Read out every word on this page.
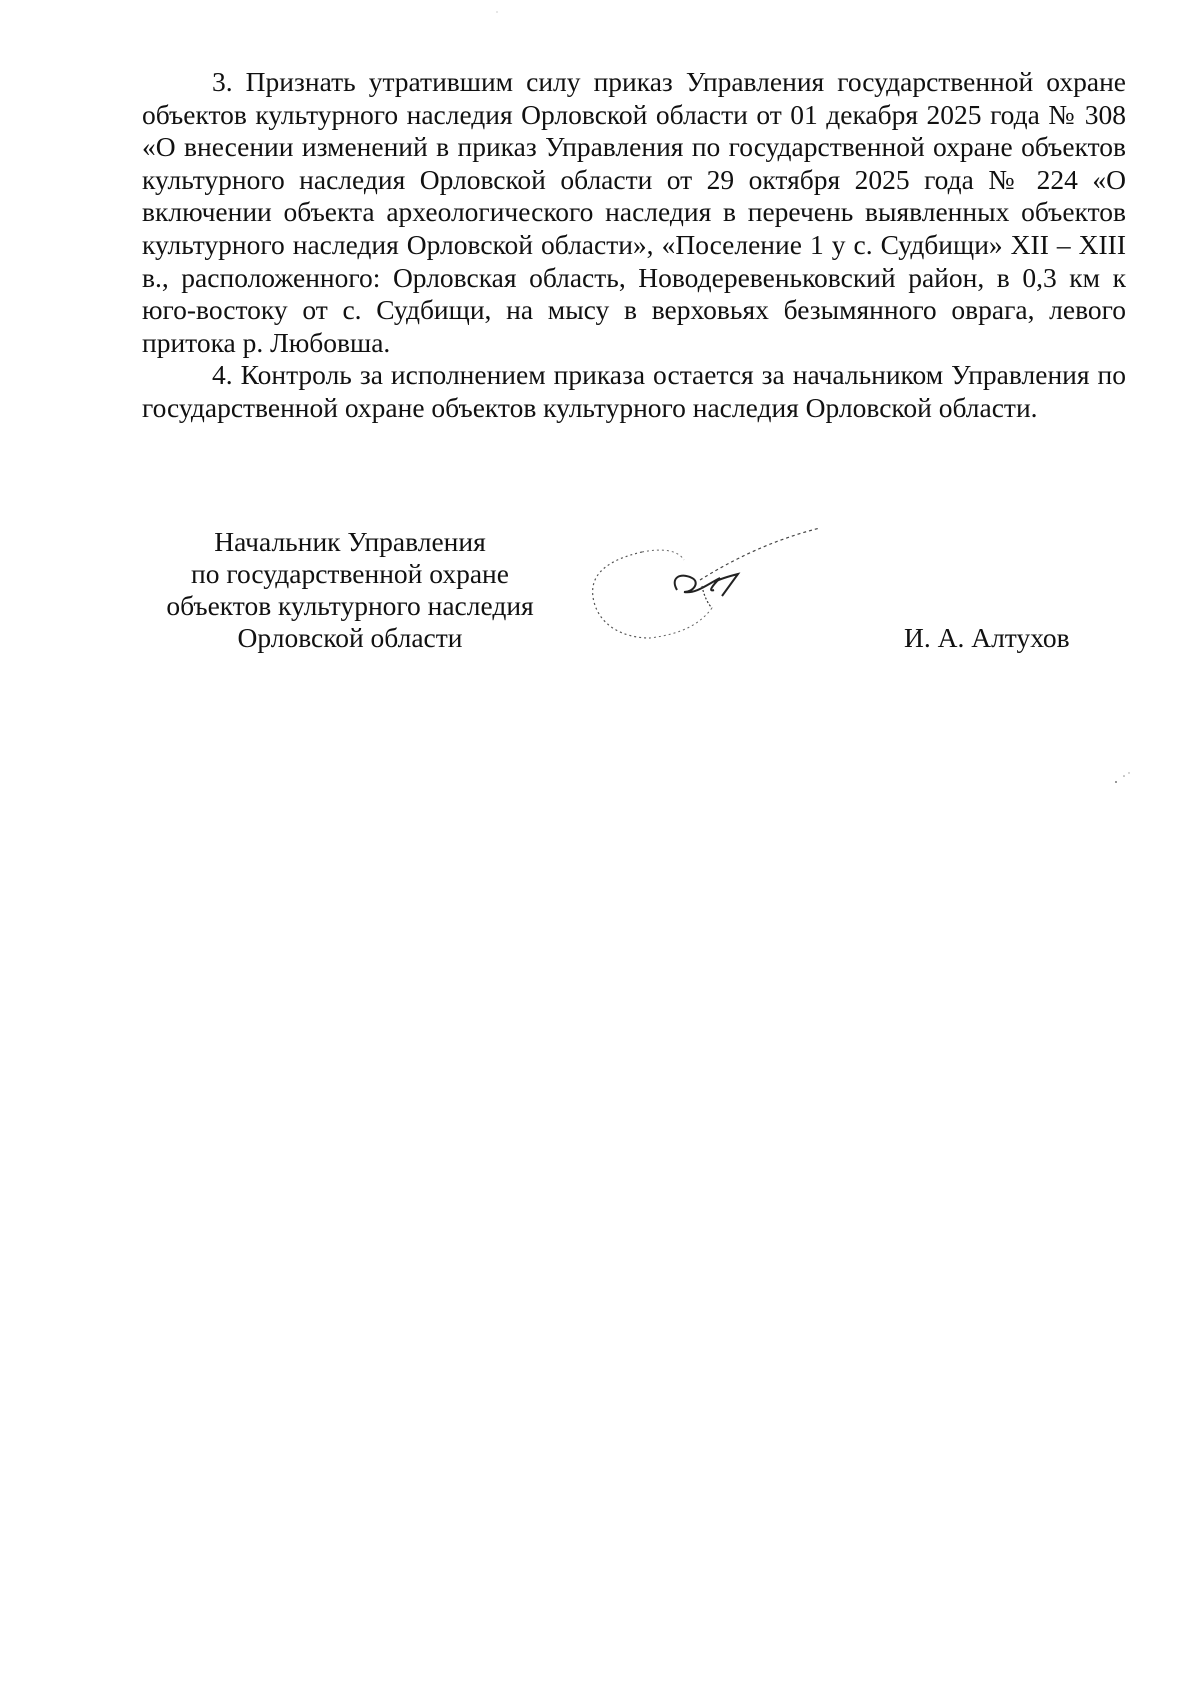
3. Признать утратившим силу приказ Управления государственной охране объектов культурного наследия Орловской области от 01 декабря 2025 года № 308 «О внесении изменений в приказ Управления по государственной охране объектов культурного наследия Орловской области от 29 октября 2025 года № 224 «О включении объекта археологического наследия в перечень выявленных объектов культурного наследия Орловской области», «Поселение 1 у с. Судбищи» XII – XIII в., расположенного: Орловская область, Новодеревеньковский район, в 0,3 км к юго-востоку от с. Судбищи, на мысу в верховьях безымянного оврага, левого притока р. Любовша.

4. Контроль за исполнением приказа остается за начальником Управления по государственной охране объектов культурного наследия Орловской области.

Начальник Управления
по государственной охране
объектов культурного наследия
Орловской области	И. А. Алтухов
